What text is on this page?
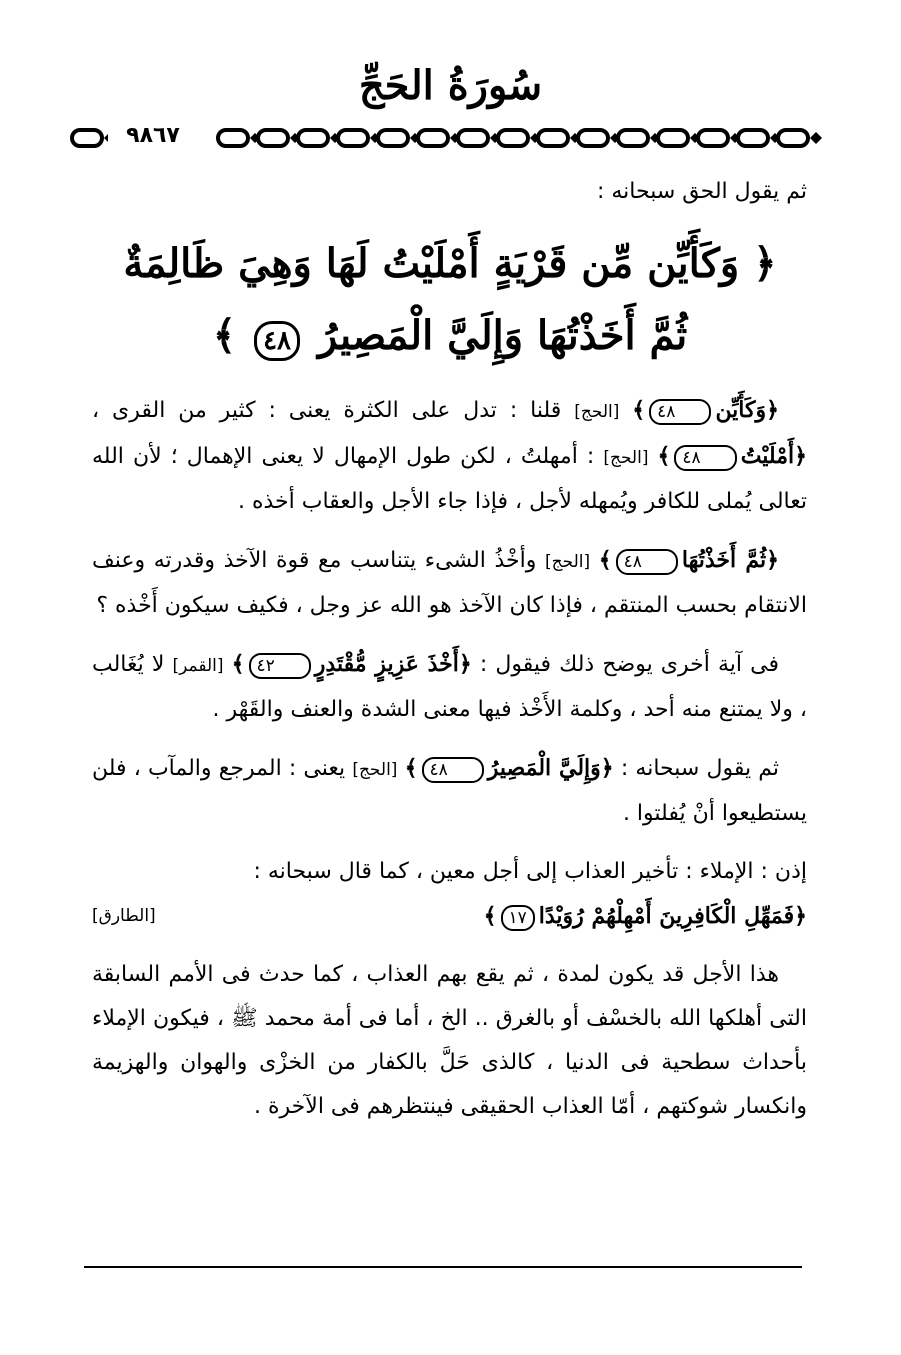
سُورَةُ الحَجِّ
٩٨٦٧
ثم يقول الحق سبحانه :
﴿ وَكَأَيِّن مِّن قَرْيَةٍ أَمْلَيْتُ لَهَا وَهِيَ ظَالِمَةٌ
ثُمَّ أَخَذْتُهَا وَإِلَيَّ الْمَصِيرُ ٤٨ ﴾

﴿وَكَأَيِّن٤٨﴾ [الحج] قلنا : تدل على الكثرة يعنى : كثير من القرى ، ﴿أَمْلَيْتُ٤٨﴾ [الحج] : أمهلتُ ، لكن طول الإمهال لا يعنى الإهمال ؛ لأن الله تعالى يُملى للكافر ويُمهله لأجل ، فإذا جاء الأجل والعقاب أخذه .

﴿ثُمَّ أَخَذْتُهَا٤٨﴾ [الحج] وأخْذُ الشىء يتناسب مع قوة الآخذ وقدرته وعنف الانتقام بحسب المنتقم ، فإذا كان الآخذ هو الله عز وجل ، فكيف سيكون أَخْذه ؟

فى آية أخرى يوضح ذلك فيقول : ﴿أَخْذَ عَزِيزٍ مُّقْتَدِرٍ٤٢﴾ [القمر] لا يُغَالب ، ولا يمتنع منه أحد ، وكلمة الأَخْذ فيها معنى الشدة والعنف والقَهْر .

ثم يقول سبحانه : ﴿وَإِلَيَّ الْمَصِيرُ٤٨﴾ [الحج] يعنى : المرجع والمآب ، فلن يستطيعوا أنْ يُفلتوا .

إذن : الإملاء : تأخير العذاب إلى أجل معين ، كما قال سبحانه :
﴿فَمَهِّلِ الْكَافِرِينَ أَمْهِلْهُمْ رُوَيْدًا١٧﴾
[الطارق]

هذا الأجل قد يكون لمدة ، ثم يقع بهم العذاب ، كما حدث فى الأمم السابقة التى أهلكها الله بالخسْف أو بالغرق .. الخ ، أما فى أمة محمد ﷺ ، فيكون الإملاء بأحداث سطحية فى الدنيا ، كالذى حَلَّ بالكفار من الخزْى والهوان والهزيمة وانكسار شوكتهم ، أمّا العذاب الحقيقى فينتظرهم فى الآخرة .
